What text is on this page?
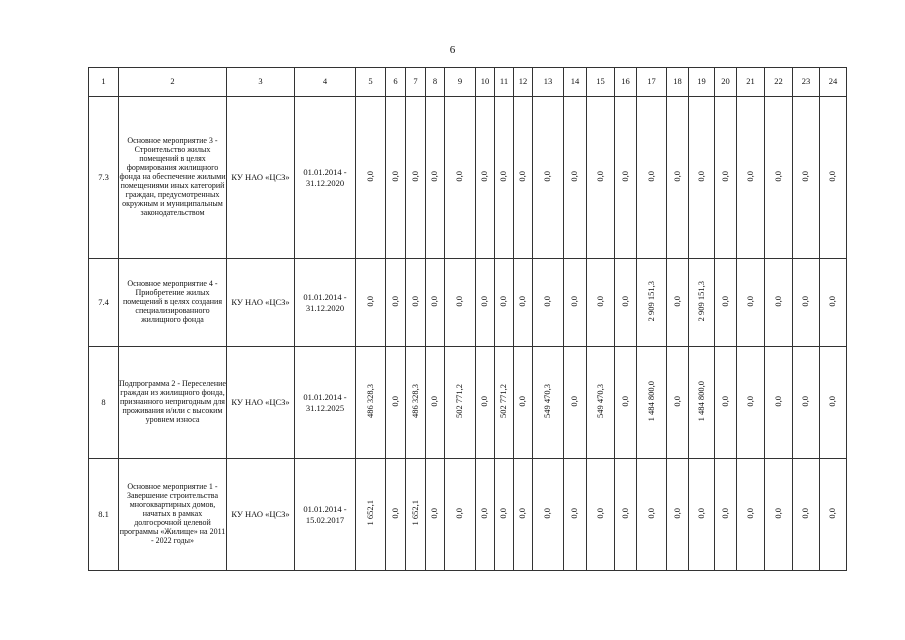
6
1	2	3	4	5	6	7	8	9	10	11	12	13	14	15	16	17	18	19	20	21	22	23	24
7.3	Основное мероприятие 3 - Строительство жилых помещений в целях формирования жилищного фонда на обеспечение жилыми помещениями иных категорий граждан, предусмотренных окружным и муниципальным законодательством	КУ НАО «ЦСЗ»	01.01.2014 - 31.12.2020	0,0	0,0	0,0	0,0	0,0	0,0	0,0	0,0	0,0	0,0	0,0	0,0	0,0	0,0	0,0	0,0	0,0	0,0	0,0	0,0
7.4	Основное мероприятие 4 - Приобретение жилых помещений в целях создания специализированного жилищного фонда	КУ НАО «ЦСЗ»	01.01.2014 - 31.12.2020	0,0	0,0	0,0	0,0	0,0	0,0	0,0	0,0	0,0	0,0	0,0	0,0	2 909 151,3	0,0	2 909 151,3	0,0	0,0	0,0	0,0	0,0
8	Подпрограмма 2 - Переселение граждан из жилищного фонда, признанного непригодным для проживания и/или с высоким уровнем износа	КУ НАО «ЦСЗ»	01.01.2014 - 31.12.2025	486 328,3	0,0	486 328,3	0,0	502 771,2	0,0	502 771,2	0,0	549 470,3	0,0	549 470,3	0,0	1 484 800,0	0,0	1 484 800,0	0,0	0,0	0,0	0,0	0,0
8.1	Основное мероприятие 1 - Завершение строительства многоквартирных домов, начатых в рамках долгосрочной целевой программы «Жилище» на 2011 - 2022 годы»	КУ НАО «ЦСЗ»	01.01.2014 - 15.02.2017	1 652,1	0,0	1 652,1	0,0	0,0	0,0	0,0	0,0	0,0	0,0	0,0	0,0	0,0	0,0	0,0	0,0	0,0	0,0	0,0	0,0
